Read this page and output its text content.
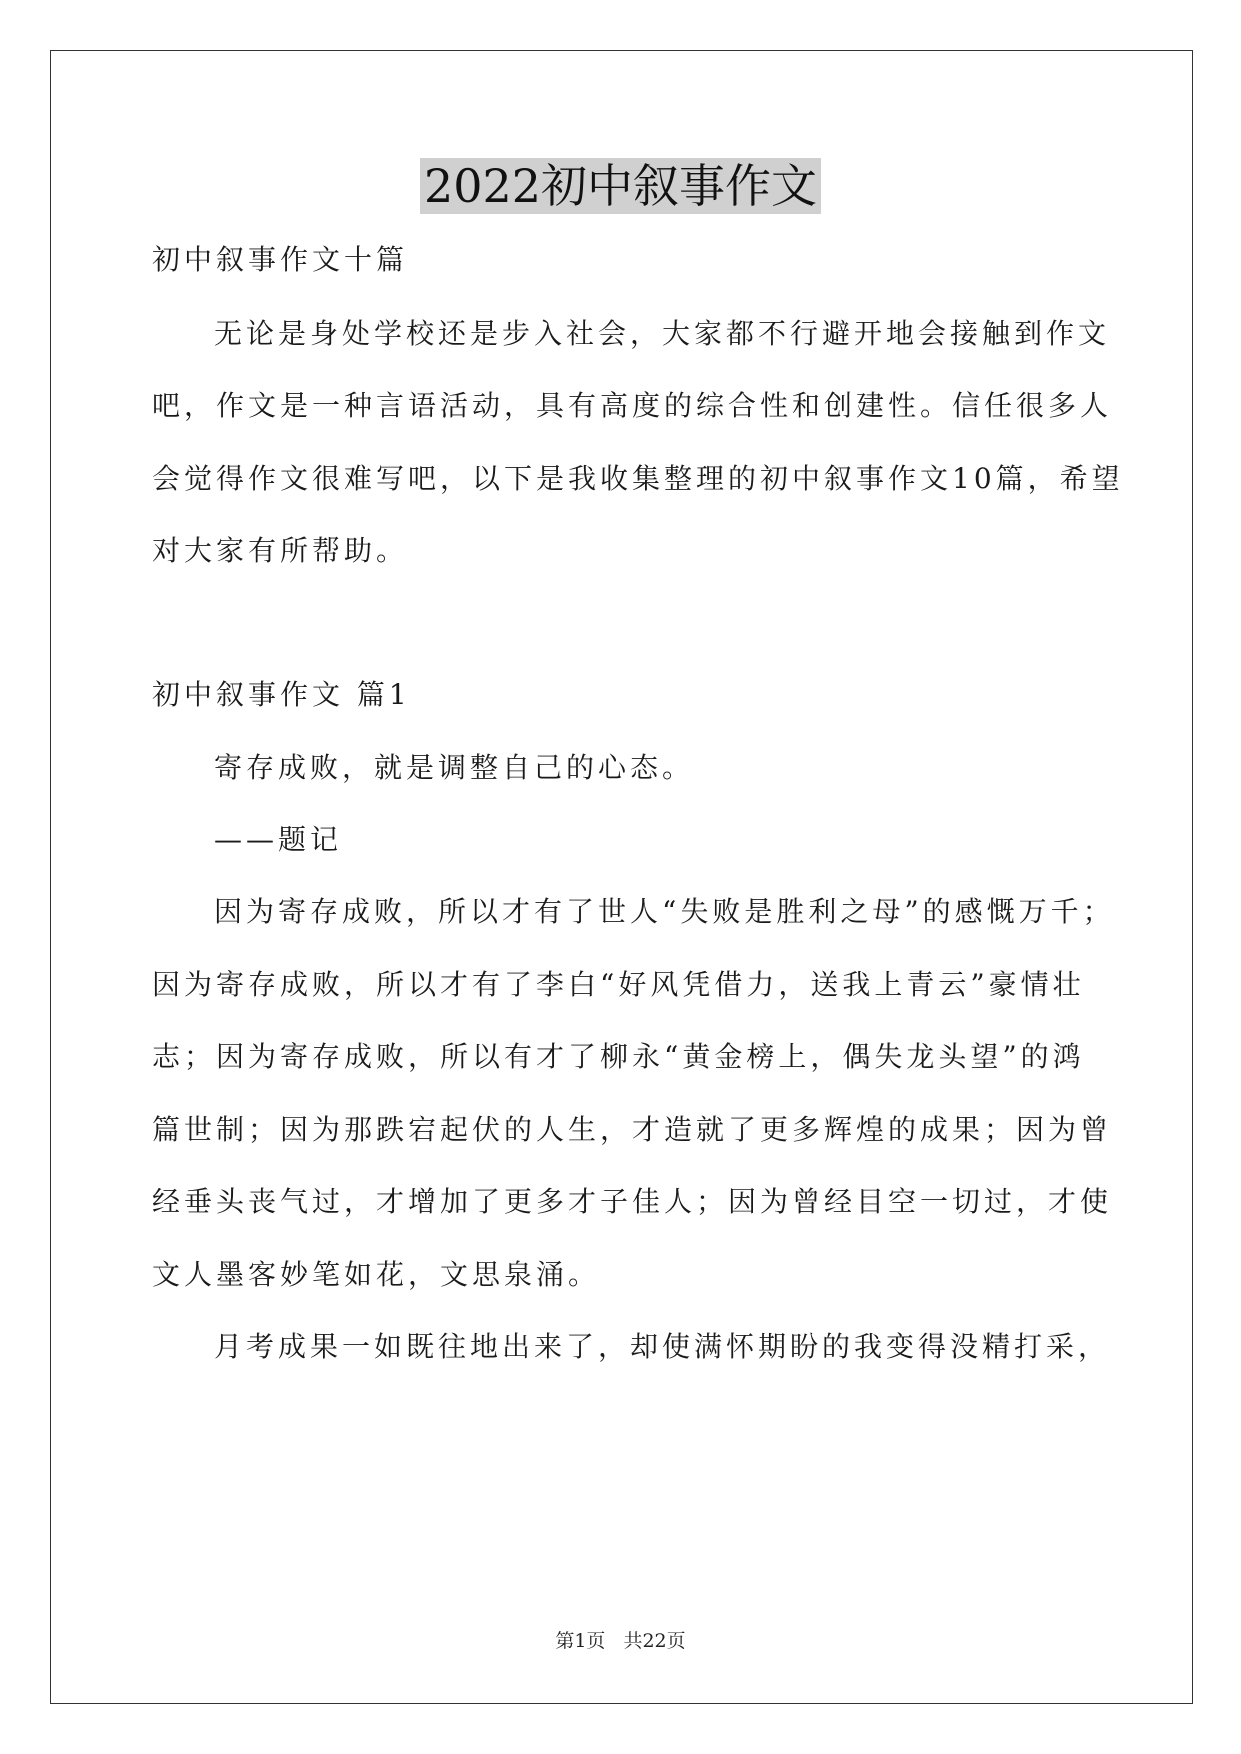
2022初中叙事作文
初中叙事作文十篇
无论是身处学校还是步入社会，大家都不行避开地会接触到作文
吧，作文是一种言语活动，具有高度的综合性和创建性。信任很多人
会觉得作文很难写吧，以下是我收集整理的初中叙事作文10篇，希望
对大家有所帮助。
初中叙事作文 篇1
寄存成败，就是调整自己的心态。
——题记
因为寄存成败，所以才有了世人“失败是胜利之母”的感慨万千；
因为寄存成败，所以才有了李白“好风凭借力，送我上青云”豪情壮
志；因为寄存成败，所以有才了柳永“黄金榜上，偶失龙头望”的鸿
篇世制；因为那跌宕起伏的人生，才造就了更多辉煌的成果；因为曾
经垂头丧气过，才增加了更多才子佳人；因为曾经目空一切过，才使
文人墨客妙笔如花，文思泉涌。
月考成果一如既往地出来了，却使满怀期盼的我变得没精打采，
第1页 共22页
